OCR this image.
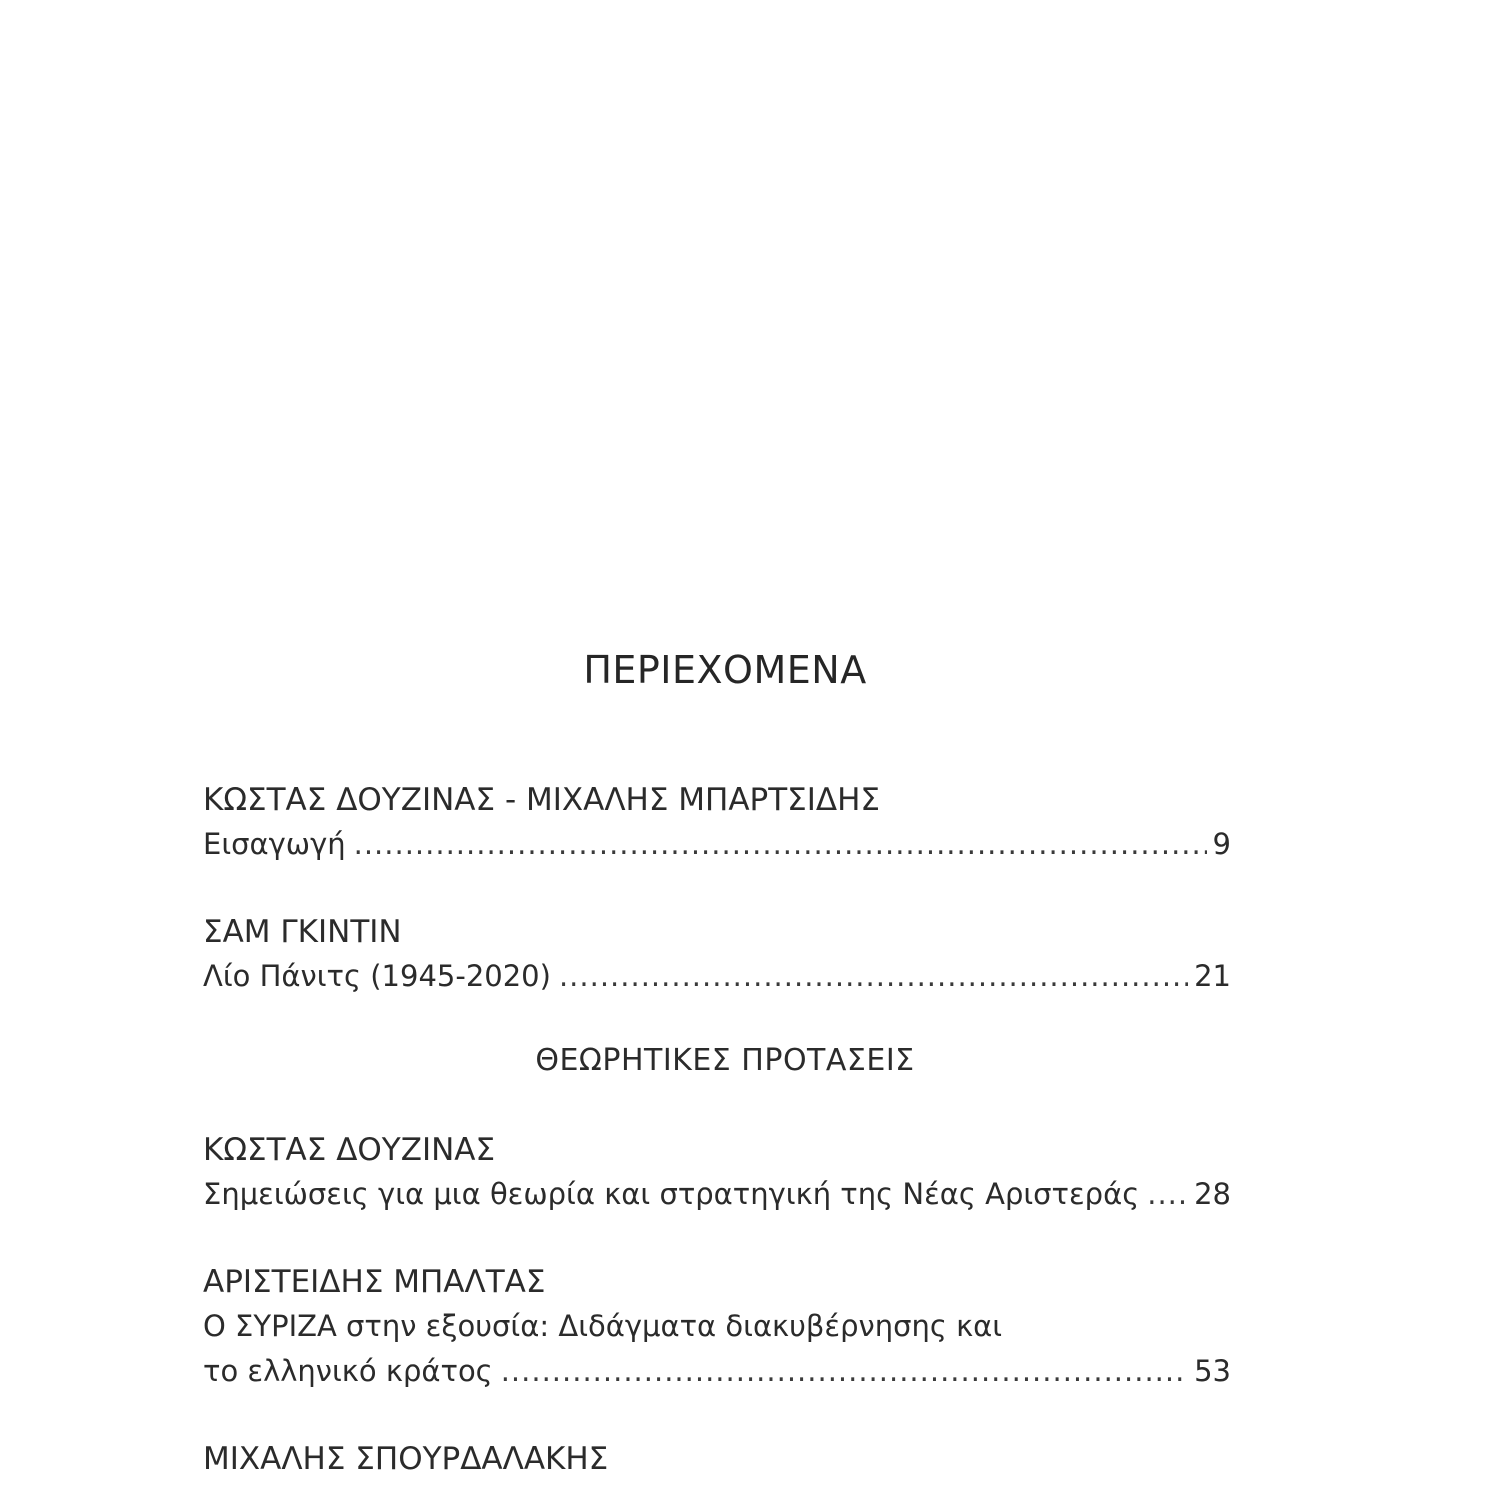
ΠΕΡΙΕΧΟΜΕΝΑ
ΚΩΣΤΑΣ ΔΟΥΖΙΝΑΣ - ΜΙΧΑΛΗΣ ΜΠΑΡΤΣΙΔΗΣ
Εισαγωγή .....	9
ΣΑΜ ΓΚΙΝΤΙΝ
Λίο Πάνιτς (1945-2020) .....	21
ΘΕΩΡΗΤΙΚΕΣ ΠΡΟΤΑΣΕΙΣ
ΚΩΣΤΑΣ ΔΟΥΖΙΝΑΣ
Σημειώσεις για μια θεωρία και στρατηγική της Νέας Αριστεράς ..... 28
ΑΡΙΣΤΕΙΔΗΣ ΜΠΑΛΤΑΣ
Ο ΣΥΡΙΖΑ στην εξουσία: Διδάγματα διακυβέρνησης και
το ελληνικό κράτος .....	53
ΜΙΧΑΛΗΣ ΣΠΟΥΡΔΑΛΑΚΗΣ
